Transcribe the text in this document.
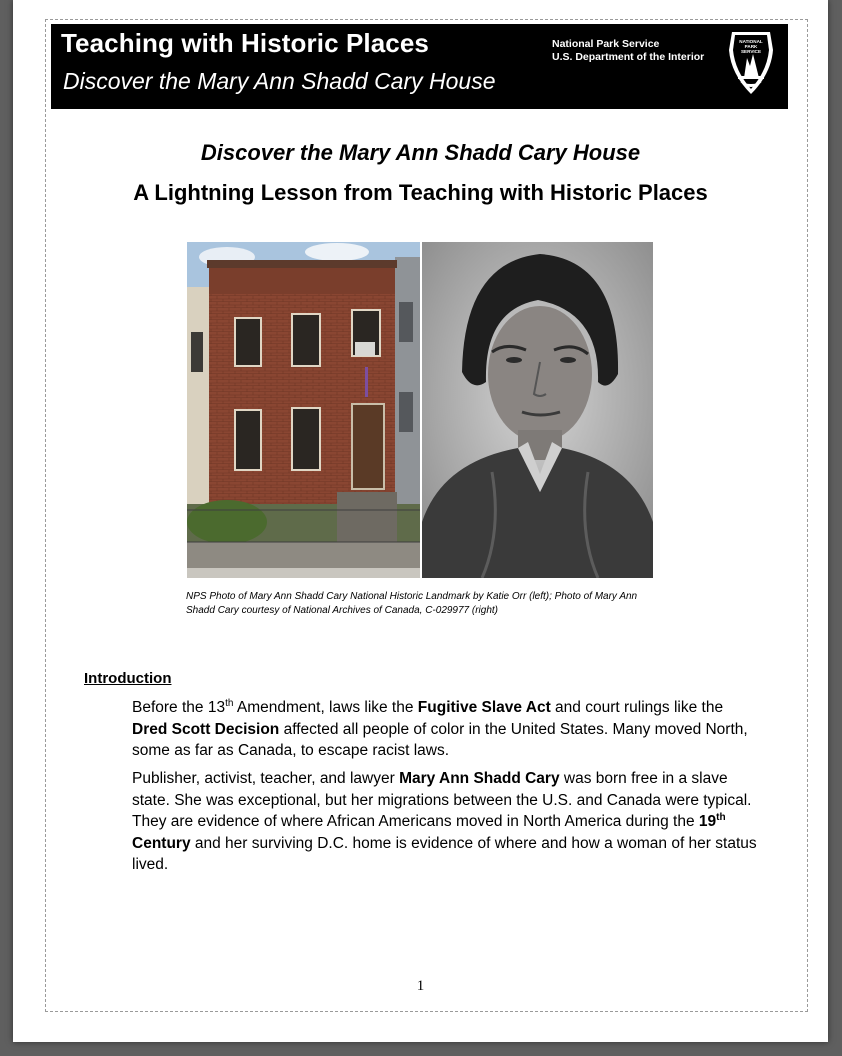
Teaching with Historic Places
Discover the Mary Ann Shadd Cary House
National Park Service
U.S. Department of the Interior
NATIONAL
PARK
SERVICE
Discover the Mary Ann Shadd Cary House
A Lightning Lesson from Teaching with Historic Places
NPS Photo of Mary Ann Shadd Cary National Historic Landmark by Katie Orr (left); Photo of Mary Ann Shadd Cary courtesy of National Archives of Canada, C-029977 (right)
Introduction
Before the 13th Amendment, laws like the Fugitive Slave Act and court rulings like the Dred Scott Decision affected all people of color in the United States. Many moved North, some as far as Canada, to escape racist laws.
Publisher, activist, teacher, and lawyer Mary Ann Shadd Cary was born free in a slave state. She was exceptional, but her migrations between the U.S. and Canada were typical. They are evidence of where African Americans moved in North America during the 19th Century and her surviving D.C. home is evidence of where and how a woman of her status lived.
1
